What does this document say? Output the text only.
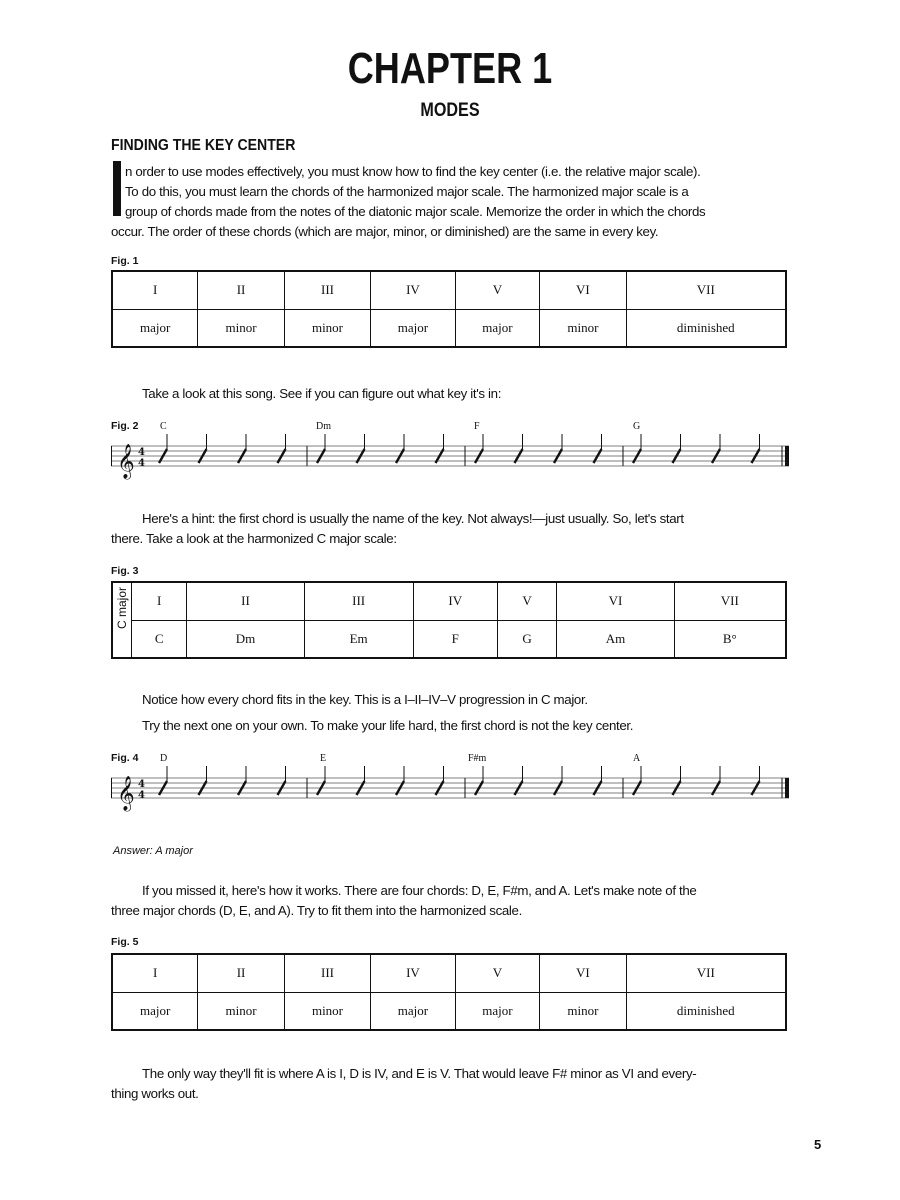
CHAPTER 1
MODES
FINDING THE KEY CENTER
n order to use modes effectively, you must know how to find the key center (i.e. the relative major scale).
To do this, you must learn the chords of the harmonized major scale. The harmonized major scale is a
group of chords made from the notes of the diatonic major scale. Memorize the order in which the chords
occur. The order of these chords (which are major, minor, or diminished) are the same in every key.
Fig. 1
I	II	III	IV	V	VI	VII
major	minor	minor	major	major	minor	diminished
Take a look at this song. See if you can figure out what key it's in:
Fig. 2 C	Dm	F	G
𝄞 4
4
Here's a hint: the first chord is usually the name of the key. Not always!—just usually. So, let's start
there. Take a look at the harmonized C major scale:
Fig. 3
C major	I	II	III	IV	V	VI	VII
	C	Dm	Em	F	G	Am	B°
Notice how every chord fits in the key. This is a I–II–IV–V progression in C major.
Try the next one on your own. To make your life hard, the first chord is not the key center.
Fig. 4 D	E	F#m	A
𝄞 4
4
Answer: A major
If you missed it, here's how it works. There are four chords: D, E, F#m, and A. Let's make note of the
three major chords (D, E, and A). Try to fit them into the harmonized scale.
Fig. 5
I	II	III	IV	V	VI	VII
major	minor	minor	major	major	minor	diminished
The only way they'll fit is where A is I, D is IV, and E is V. That would leave F# minor as VI and every-
thing works out.
5
